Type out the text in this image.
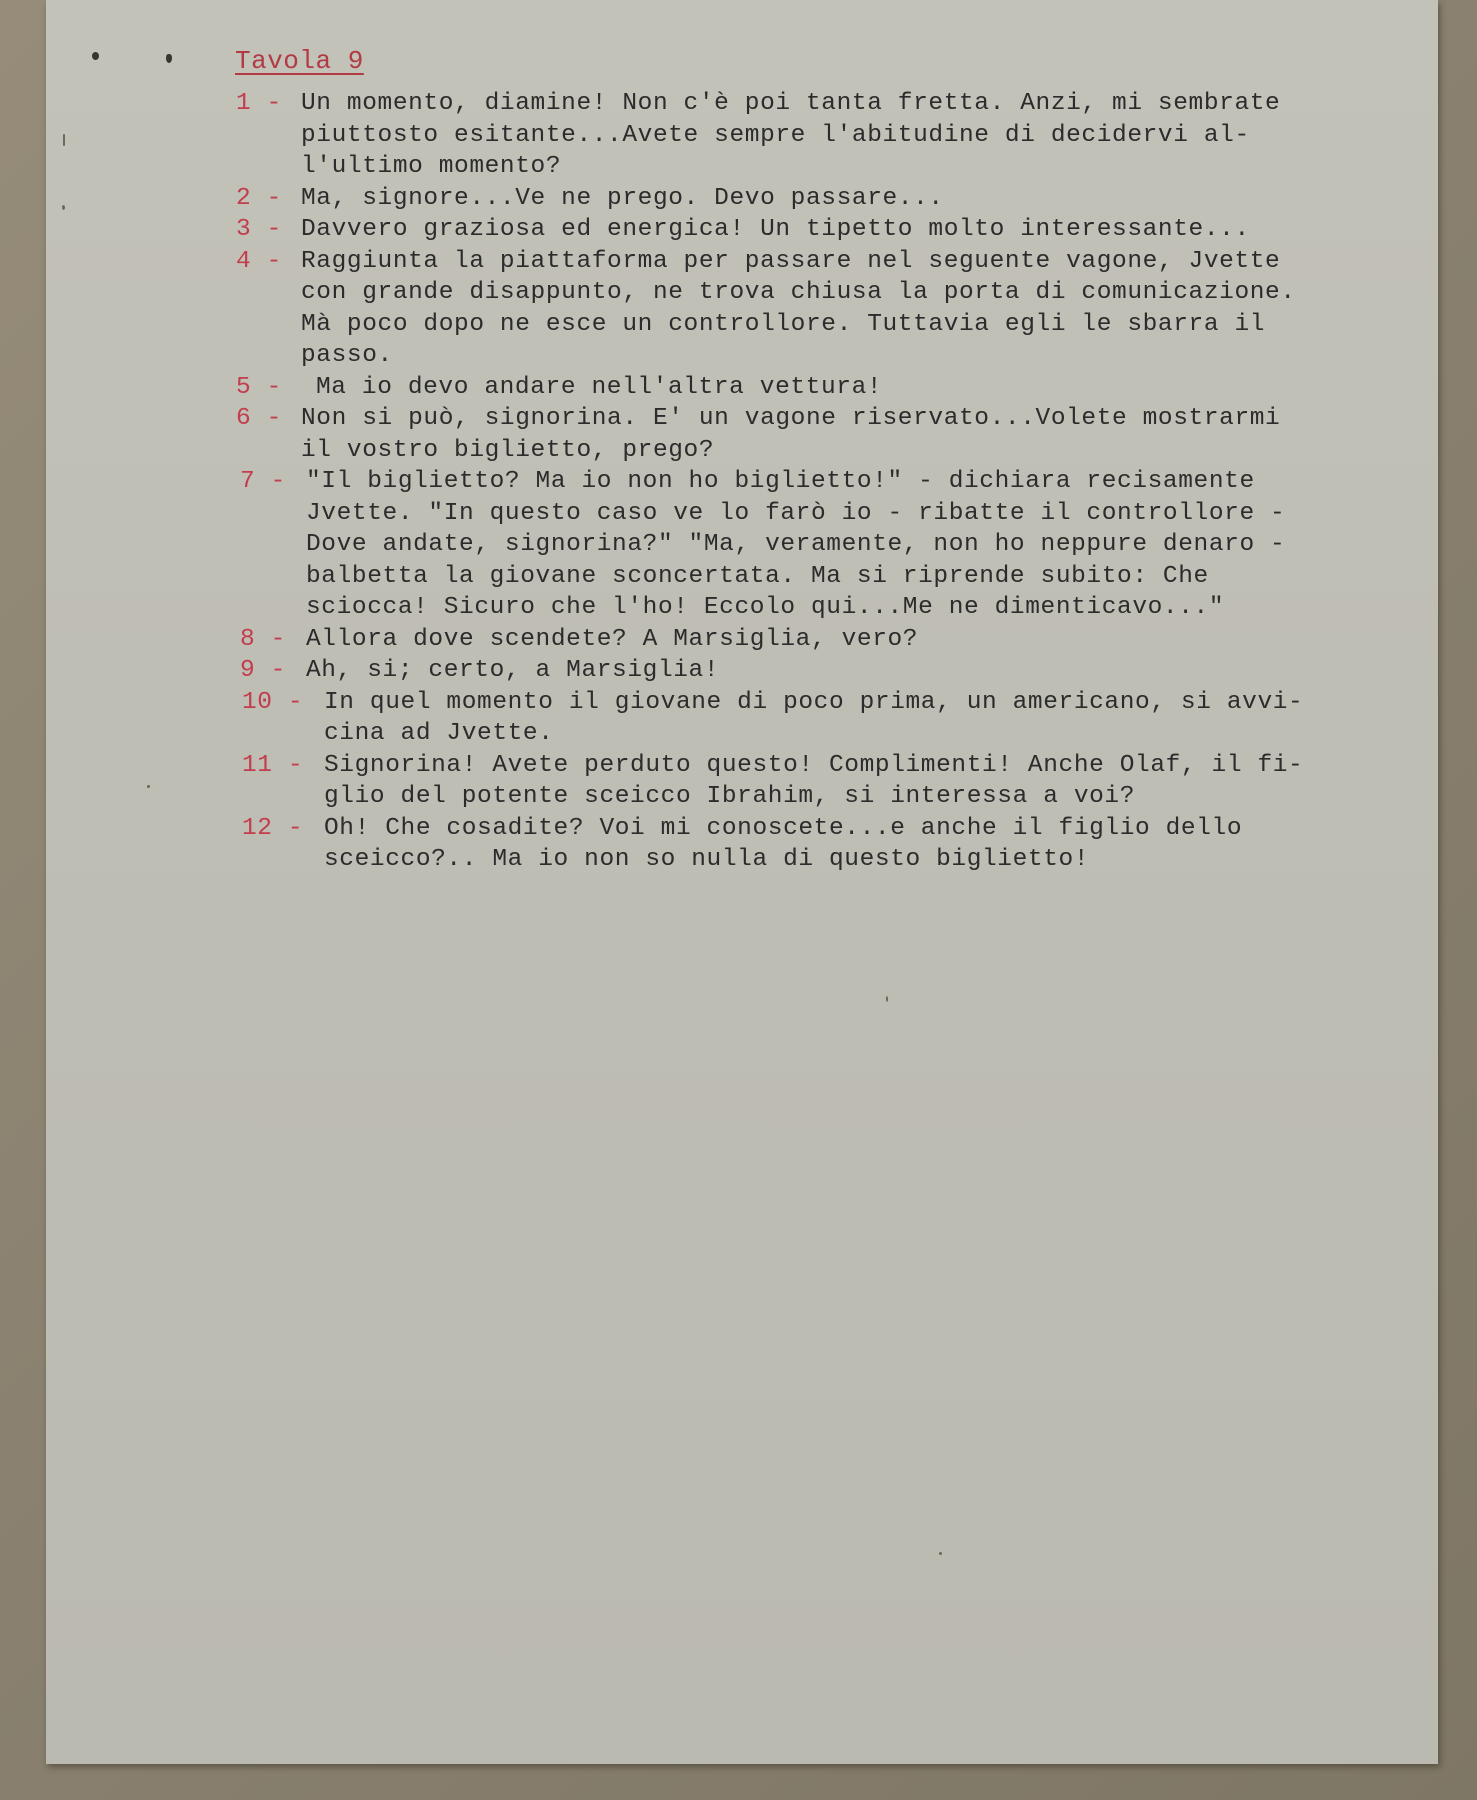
Tavola 9
1 - Un momento, diamine! Non c'è poi tanta fretta. Anzi, mi sembrate
piuttosto esitante...Avete sempre l'abitudine di decidervi al-
l'ultimo momento?
2 - Ma, signore...Ve ne prego. Devo passare...
3 - Davvero graziosa ed energica! Un tipetto molto interessante...
4 - Raggiunta la piattaforma per passare nel seguente vagone, Jvette
con grande disappunto, ne trova chiusa la porta di comunicazione.
Mà poco dopo ne esce un controllore. Tuttavia egli le sbarra il
passo.
5 -	Ma io devo andare nell'altra vettura!
6 - Non si può, signorina. E' un vagone riservato...Volete mostrarmi
il vostro biglietto, prego?
7 - "Il biglietto? Ma io non ho biglietto!" - dichiara recisamente
Jvette. "In questo caso ve lo farò io - ribatte il controllore -
Dove andate, signorina?" "Ma, veramente, non ho neppure denaro -
balbetta la giovane sconcertata. Ma si riprende subito: Che
sciocca! Sicuro che l'ho! Eccolo qui...Me ne dimenticavo..."
8 - Allora dove scendete? A Marsiglia, vero?
9 - Ah, si; certo, a Marsiglia!
10 - In quel momento il giovane di poco prima, un americano, si avvi-
cina ad Jvette.
11 - Signorina! Avete perduto questo! Complimenti! Anche Olaf, il fi-
glio del potente sceicco Ibrahim, si interessa a voi?
12 - Oh! Che cosadite? Voi mi conoscete...e anche il figlio dello
sceicco?.. Ma io non so nulla di questo biglietto!
